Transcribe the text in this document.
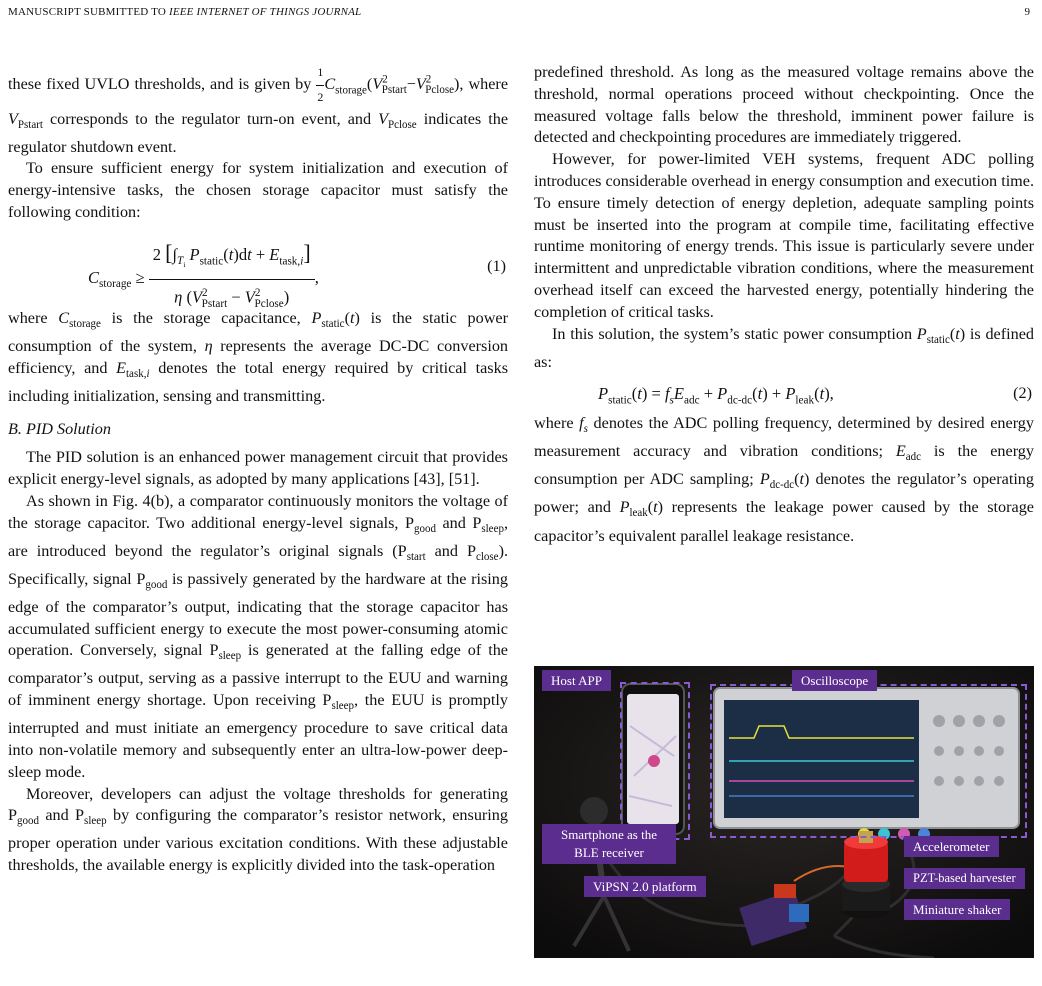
MANUSCRIPT SUBMITTED TO IEEE INTERNET OF THINGS JOURNAL	9

these fixed UVLO thresholds, and is given by $\frac{1}{2} C_{storage}(V^2_{Pstart}-V^2_{Pclose})$, where $V_{Pstart}$ corresponds to the regulator turn-on event, and $V_{Pclose}$ indicates the regulator shutdown event.

To ensure sufficient energy for system initialization and execution of energy-intensive tasks, the chosen storage capacitor must satisfy the following condition:

$C_{storage} \ge \frac{2 [\int_{T_i} P_{static}(t)dt + E_{task,i}]}{\eta (V^2_{Pstart} - V^2_{Pclose})}$ ,
(1)

where $C_{storage}$ is the storage capacitance, $P_{static}(t)$ is the static power consumption of the system, η represents the average DC-DC conversion efficiency, and $E_{task,i}$ denotes the total energy required by critical tasks including initialization, sensing and transmitting.

B. PID Solution

The PID solution is an enhanced power management circuit that provides explicit energy-level signals, as adopted by many applications [43], [51].

As shown in Fig. 4(b), a comparator continuously monitors the voltage of the storage capacitor. Two additional energy-level signals, $P_{good}$ and $P_{sleep}$, are introduced beyond the regulator’s original signals ($P_{start}$ and $P_{close}$). Specifically, signal $P_{good}$ is passively generated by the hardware at the rising edge of the comparator’s output, indicating that the storage capacitor has accumulated sufficient energy to execute the most power-consuming atomic operation. Conversely, signal $P_{sleep}$ is generated at the falling edge of the comparator’s output, serving as a passive interrupt to the EUU and warning of imminent energy shortage. Upon receiving $P_{sleep}$, the EUU is promptly interrupted and must initiate an emergency procedure to save critical data into non-volatile memory and subsequently enter an ultra-low-power deep-sleep mode.

Moreover, developers can adjust the voltage thresholds for generating $P_{good}$ and $P_{sleep}$ by configuring the comparator’s resistor network, ensuring proper operation under various excitation conditions. With these adjustable thresholds, the available energy is explicitly divided into the task-operation

predefined threshold. As long as the measured voltage remains above the threshold, normal operations proceed without checkpointing. Once the measured voltage falls below the threshold, imminent power failure is detected and checkpointing procedures are immediately triggered.

However, for power-limited VEH systems, frequent ADC polling introduces considerable overhead in energy consumption and execution time. To ensure timely detection of energy depletion, adequate sampling points must be inserted into the program at compile time, facilitating effective runtime monitoring of energy trends. This issue is particularly severe under intermittent and unpredictable vibration conditions, where the measurement overhead itself can exceed the harvested energy, potentially hindering the completion of critical tasks.

In this solution, the system’s static power consumption $P_{static}(t)$ is defined as:

$P_{static}(t) = f_sE_{adc} + P_{dc-dc}(t) + P_{leak}(t)$,	(2)

where $f_s$ denotes the ADC polling frequency, determined by desired energy measurement accuracy and vibration conditions; $E_{adc}$ is the energy consumption per ADC sampling; $P_{dc-dc}(t)$ denotes the regulator’s operating power; and $P_{leak}(t)$ represents the leakage power caused by the storage capacitor’s equivalent parallel leakage resistance.

Host APP	Oscilloscope
Smartphone as the BLE receiver
ViPSN 2.0 platform
Accelerometer
PZT-based harvester
Miniature shaker
